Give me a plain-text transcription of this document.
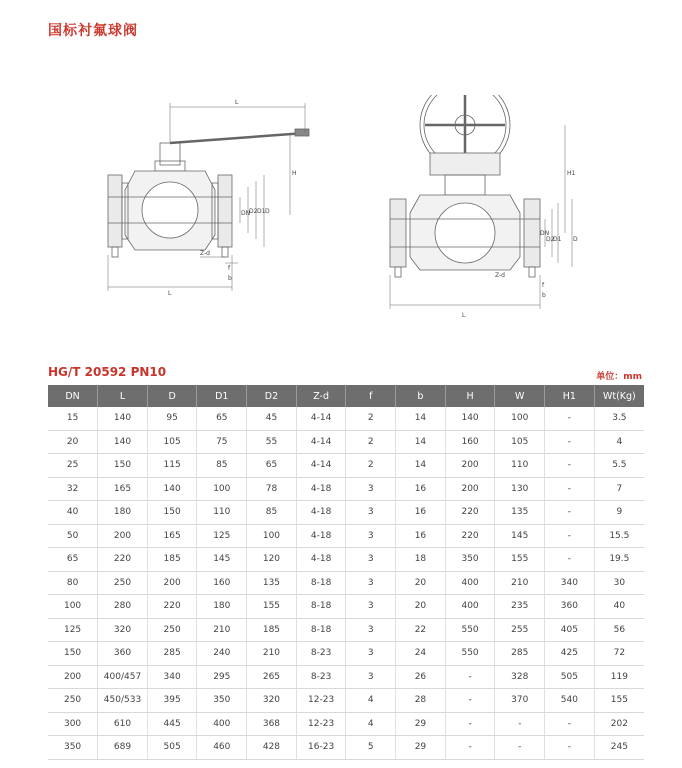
国标衬氟球阀
L
H
DN
D2 D1 D
Z-d
f
b
L
H1
DN
D2
D1 D
Z-d
f
b
L
HG/T 20592 PN10	单位：mm
DN	L	D	D1	D2	Z-d	f	b	H	W	H1	Wt(Kg)
15	140	95	65	45	4-14	2	14	140	100	-	3.5
20	140	105	75	55	4-14	2	14	160	105	-	4
25	150	115	85	65	4-14	2	14	200	110	-	5.5
32	165	140	100	78	4-18	3	16	200	130	-	7
40	180	150	110	85	4-18	3	16	220	135	-	9
50	200	165	125	100	4-18	3	16	220	145	-	15.5
65	220	185	145	120	4-18	3	18	350	155	-	19.5
80	250	200	160	135	8-18	3	20	400	210	340	30
100	280	220	180	155	8-18	3	20	400	235	360	40
125	320	250	210	185	8-18	3	22	550	255	405	56
150	360	285	240	210	8-23	3	24	550	285	425	72
200	400/457	340	295	265	8-23	3	26	-	328	505	119
250	450/533	395	350	320	12-23	4	28	-	370	540	155
300	610	445	400	368	12-23	4	29	-	-	-	202
350	689	505	460	428	16-23	5	29	-	-	-	245
